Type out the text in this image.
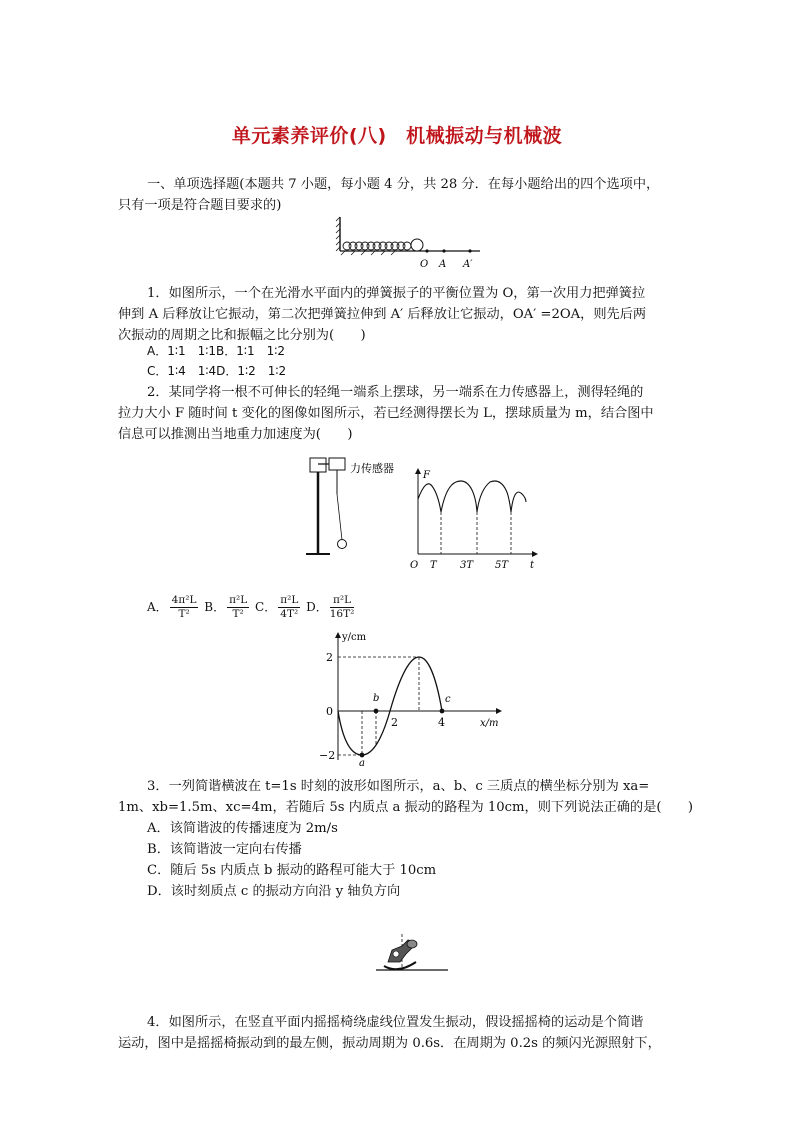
单元素养评价(八)　机械振动与机械波
一、单项选择题(本题共 7 小题，每小题 4 分，共 28 分．在每小题给出的四个选项中，
只有一项是符合题目要求的)
O A A′
1．如图所示，一个在光滑水平面内的弹簧振子的平衡位置为 O，第一次用力把弹簧拉
伸到 A 后释放让它振动，第二次把弹簧拉伸到 A′ 后释放让它振动，OA′ =2OA，则先后两
次振动的周期之比和振幅之比分别为(　　)
A．1∶1　1∶1B．1∶1　1∶2
C．1∶4　1∶4D．1∶2　1∶2
2．某同学将一根不可伸长的轻绳一端系上摆球，另一端系在力传感器上，测得轻绳的
拉力大小 F 随时间 t 变化的图像如图所示，若已经测得摆长为 L，摆球质量为 m，结合图中
信息可以推测出当地重力加速度为(　　)
力传感器
F
O T 3T 5T t
A． $\frac{\text{4π²L}}{\text{T²}}$ B． $\frac{\text{π²L}}{\text{T²}}$ C． $\frac{\text{π²L}}{\text{4T²}}$ D． $\frac{\text{π²L}}{\text{16T²}}$
y/cm
x/m
2
0
−2
b
2	4
c
a
3．一列简谐横波在 t=1s 时刻的波形如图所示，a、b、c 三质点的横坐标分别为 xa=
1m、xb=1.5m、xc=4m，若随后 5s 内质点 a 振动的路程为 10cm，则下列说法正确的是(　　)
A．该简谐波的传播速度为 2m/s
B．该简谐波一定向右传播
C．随后 5s 内质点 b 振动的路程可能大于 10cm
D．该时刻质点 c 的振动方向沿 y 轴负方向
4．如图所示，在竖直平面内摇摇椅绕虚线位置发生振动，假设摇摇椅的运动是个简谐
运动，图中是摇摇椅振动到的最左侧，振动周期为 0.6s．在周期为 0.2s 的频闪光源照射下，
